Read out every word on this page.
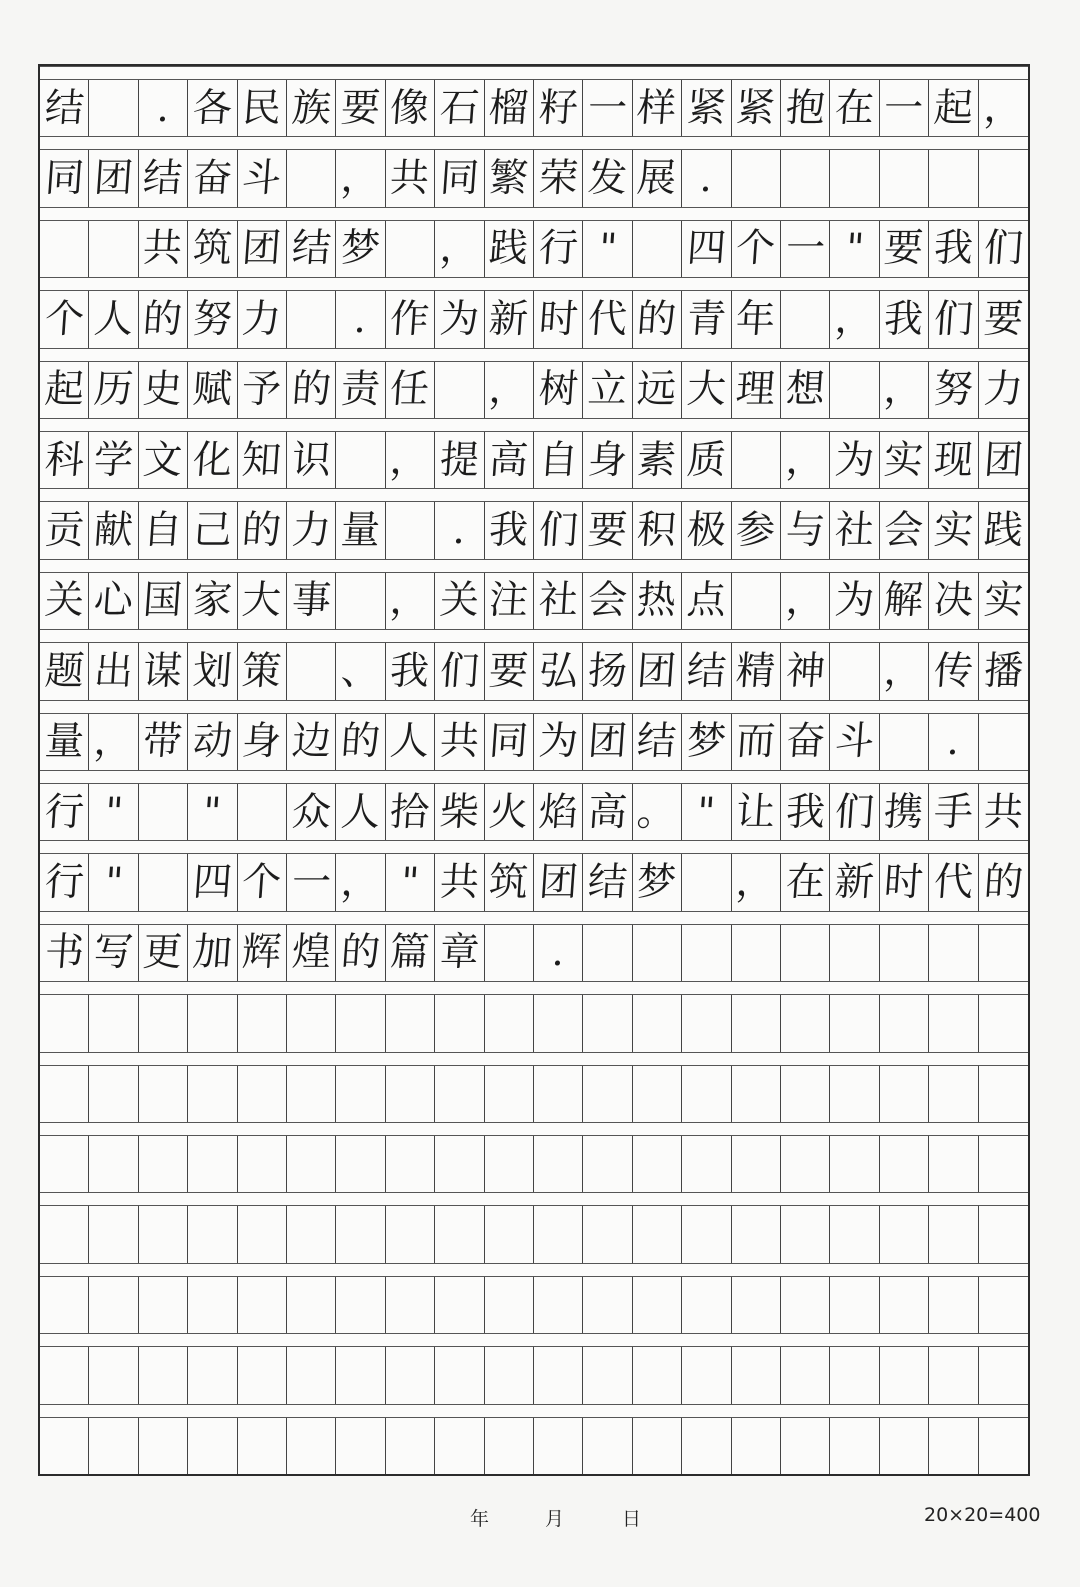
结 . 各 民 族 要 像 石 榴 籽 一 样 紧 紧 抱 在 一 起 ，
同 团 结 奋 斗 ， 共 同 繁 荣 发 展 .
共 筑 团 结 梦 ， 践 行 " 四 个 一 " 要 我 们
个 人 的 努 力 . 作 为 新 时 代 的 青 年 ， 我 们 要
起 历 史 赋 予 的 责 任 ， 树 立 远 大 理 想 ， 努 力
科 学 文 化 知 识 ， 提 高 自 身 素 质 ， 为 实 现 团
贡 献 自 己 的 力 量 . 我 们 要 积 极 参 与 社 会 实 践
关 心 国 家 大 事 ， 关 注 社 会 热 点 ， 为 解 决 实
题 出 谋 划 策 、 我 们 要 弘 扬 团 结 精 神 ， 传 播
量 ， 带 动 身 边 的 人 共 同 为 团 结 梦 而 奋 斗 .
行 " " 众 人 拾 柴 火 焰 高 。 " 让 我 们 携 手 共
行 " 四 个 一 ， " 共 筑 团 结 梦 ， 在 新 时 代 的
书 写 更 加 辉 煌 的 篇 章 .
年	月	日	20×20=400
